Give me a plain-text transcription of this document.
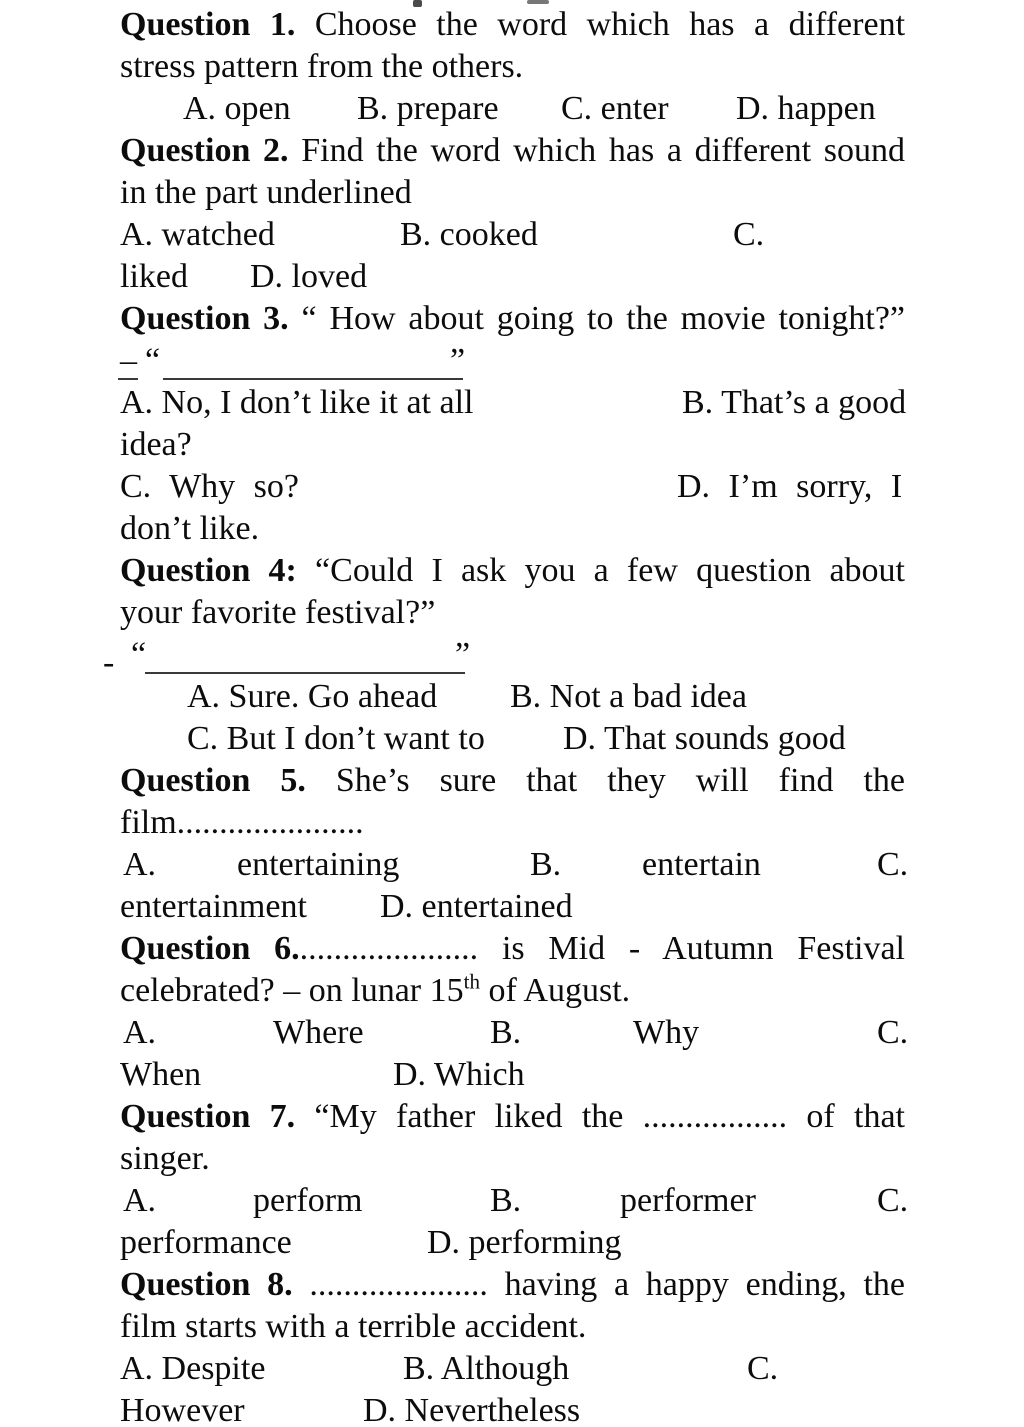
Question 1. Choose the word which has a different
stress pattern from the others.
A. open B. prepare C. enter D. happen
Question 2. Find the word which has a different sound
in the part underlined
A. watched	B. cooked	C.
liked D. loved
Question 3. “ How about going to the movie tonight?”
– “	”
A. No, I don’t like it at all	B. That’s a good
idea?
C. Why so?	D. I’m sorry, I
don’t like.
Question 4: “Could I ask you a few question about
your favorite festival?”
- “	”
A. Sure. Go ahead B. Not a bad idea
C. But I don’t want to D. That sounds good
Question 5. She’s sure that they will find the
film......................
A. entertaining	B. entertain	C.
entertainment D. entertained
Question 6...................... is Mid - Autumn Festival
celebrated? – on lunar 15th of August.
A.	Where	B.	Why	C.
When	D. Which
Question 7. “My father liked the ................. of that
singer.
A.	perform	B.	performer	C.
performance	D. performing
Question 8. ..................... having a happy ending, the
film starts with a terrible accident.
A. Despite	B. Although	C.
However	D. Nevertheless
